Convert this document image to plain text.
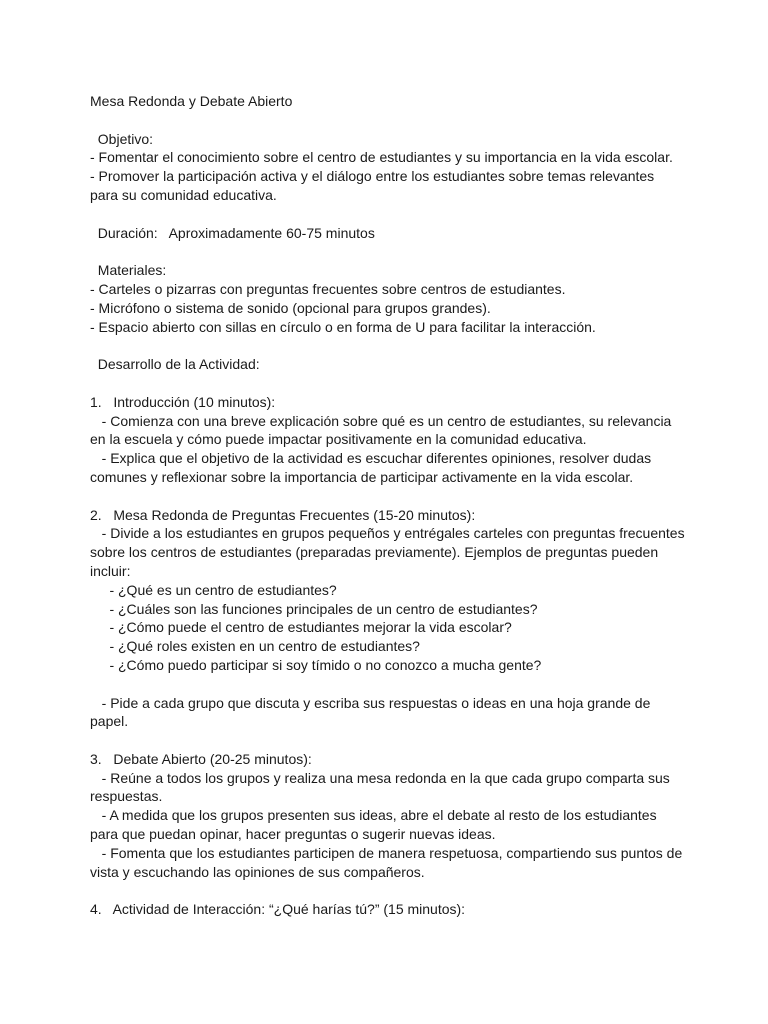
Mesa Redonda y Debate Abierto
Objetivo:
- Fomentar el conocimiento sobre el centro de estudiantes y su importancia en la vida escolar.
- Promover la participación activa y el diálogo entre los estudiantes sobre temas relevantes
para su comunidad educativa.
Duración:   Aproximadamente 60-75 minutos
Materiales:
- Carteles o pizarras con preguntas frecuentes sobre centros de estudiantes.
- Micrófono o sistema de sonido (opcional para grupos grandes).
- Espacio abierto con sillas en círculo o en forma de U para facilitar la interacción.
Desarrollo de la Actividad:
1.   Introducción (10 minutos):
- Comienza con una breve explicación sobre qué es un centro de estudiantes, su relevancia
en la escuela y cómo puede impactar positivamente en la comunidad educativa.
- Explica que el objetivo de la actividad es escuchar diferentes opiniones, resolver dudas
comunes y reflexionar sobre la importancia de participar activamente en la vida escolar.
2.   Mesa Redonda de Preguntas Frecuentes (15-20 minutos):
- Divide a los estudiantes en grupos pequeños y entrégales carteles con preguntas frecuentes
sobre los centros de estudiantes (preparadas previamente). Ejemplos de preguntas pueden
incluir:
- ¿Qué es un centro de estudiantes?
- ¿Cuáles son las funciones principales de un centro de estudiantes?
- ¿Cómo puede el centro de estudiantes mejorar la vida escolar?
- ¿Qué roles existen en un centro de estudiantes?
- ¿Cómo puedo participar si soy tímido o no conozco a mucha gente?
- Pide a cada grupo que discuta y escriba sus respuestas o ideas en una hoja grande de
papel.
3.   Debate Abierto (20-25 minutos):
- Reúne a todos los grupos y realiza una mesa redonda en la que cada grupo comparta sus
respuestas.
- A medida que los grupos presenten sus ideas, abre el debate al resto de los estudiantes
para que puedan opinar, hacer preguntas o sugerir nuevas ideas.
- Fomenta que los estudiantes participen de manera respetuosa, compartiendo sus puntos de
vista y escuchando las opiniones de sus compañeros.
4.   Actividad de Interacción: “¿Qué harías tú?” (15 minutos):
